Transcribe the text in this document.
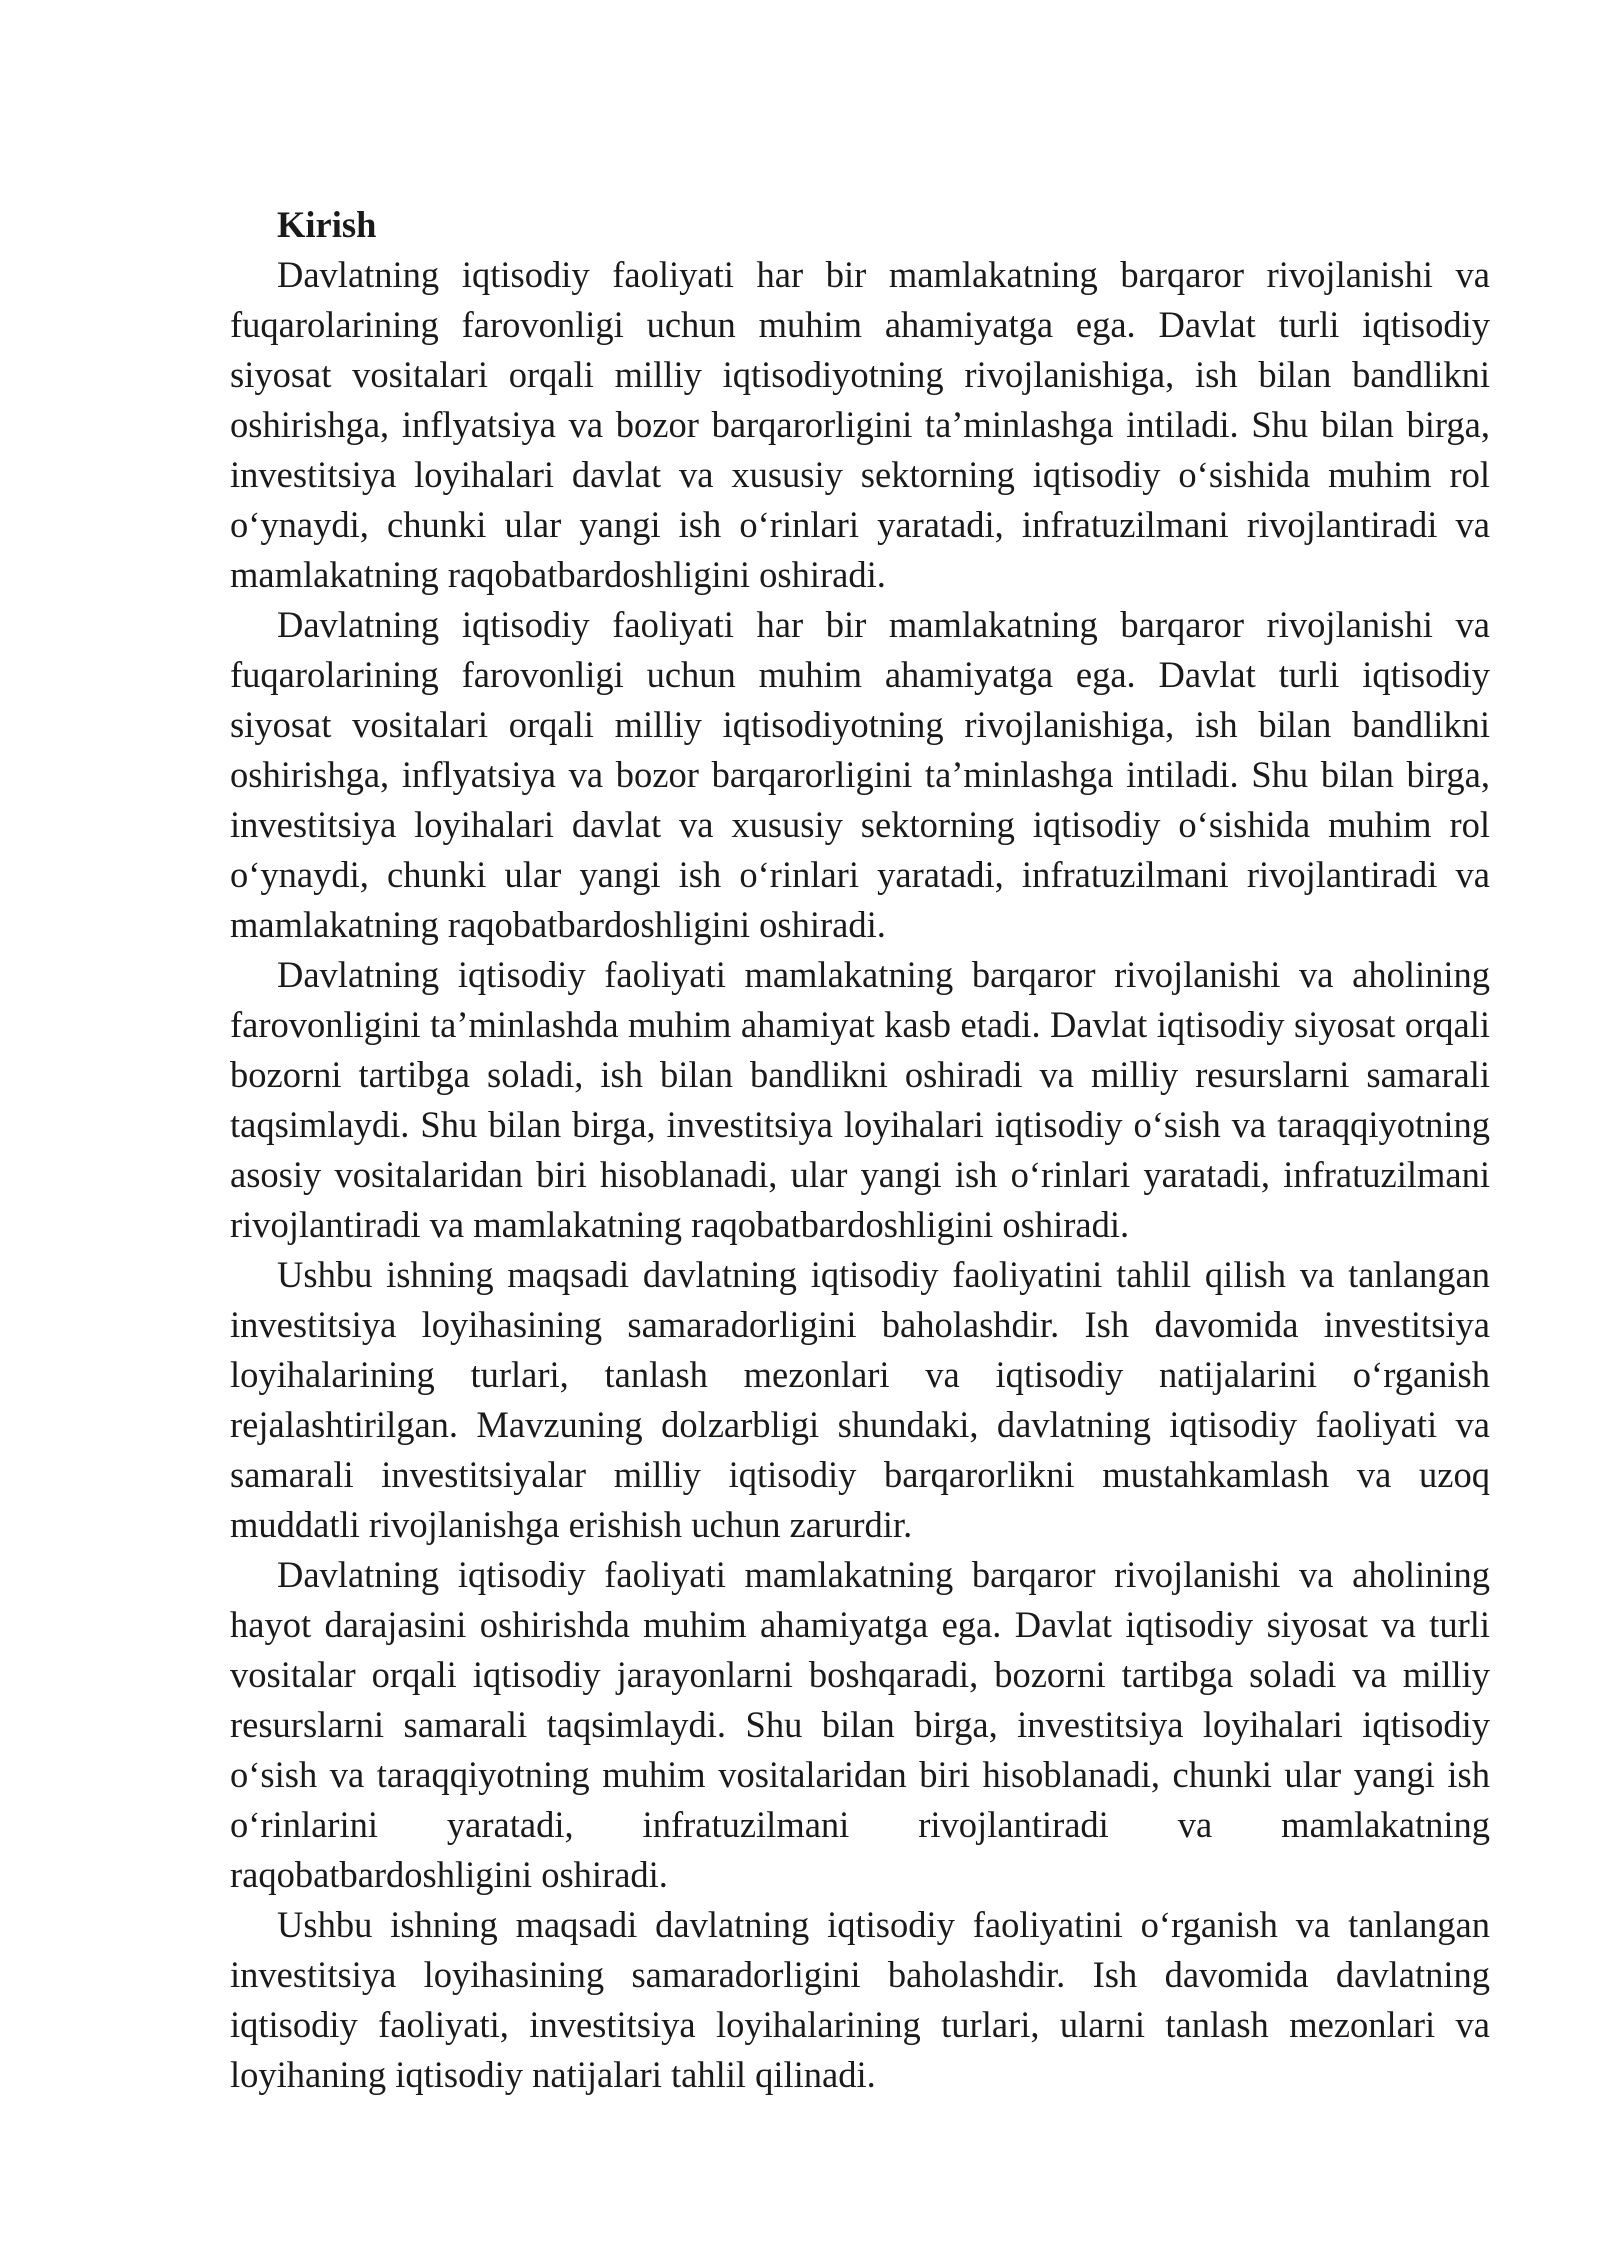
Kirish

Davlatning iqtisodiy faoliyati har bir mamlakatning barqaror rivojlanishi va fuqarolarining farovonligi uchun muhim ahamiyatga ega. Davlat turli iqtisodiy siyosat vositalari orqali milliy iqtisodiyotning rivojlanishiga, ish bilan bandlikni oshirishga, inflyatsiya va bozor barqarorligini ta’minlashga intiladi. Shu bilan birga, investitsiya loyihalari davlat va xususiy sektorning iqtisodiy o‘sishida muhim rol o‘ynaydi, chunki ular yangi ish o‘rinlari yaratadi, infratuzilmani rivojlantiradi va mamlakatning raqobatbardoshligini oshiradi.

Davlatning iqtisodiy faoliyati har bir mamlakatning barqaror rivojlanishi va fuqarolarining farovonligi uchun muhim ahamiyatga ega. Davlat turli iqtisodiy siyosat vositalari orqali milliy iqtisodiyotning rivojlanishiga, ish bilan bandlikni oshirishga, inflyatsiya va bozor barqarorligini ta’minlashga intiladi. Shu bilan birga, investitsiya loyihalari davlat va xususiy sektorning iqtisodiy o‘sishida muhim rol o‘ynaydi, chunki ular yangi ish o‘rinlari yaratadi, infratuzilmani rivojlantiradi va mamlakatning raqobatbardoshligini oshiradi.

Davlatning iqtisodiy faoliyati mamlakatning barqaror rivojlanishi va aholining farovonligini ta’minlashda muhim ahamiyat kasb etadi. Davlat iqtisodiy siyosat orqali bozorni tartibga soladi, ish bilan bandlikni oshiradi va milliy resurslarni samarali taqsimlaydi. Shu bilan birga, investitsiya loyihalari iqtisodiy o‘sish va taraqqiyotning asosiy vositalaridan biri hisoblanadi, ular yangi ish o‘rinlari yaratadi, infratuzilmani rivojlantiradi va mamlakatning raqobatbardoshligini oshiradi.

Ushbu ishning maqsadi davlatning iqtisodiy faoliyatini tahlil qilish va tanlangan investitsiya loyihasining samaradorligini baholashdir. Ish davomida investitsiya loyihalarining turlari, tanlash mezonlari va iqtisodiy natijalarini o‘rganish rejalashtirilgan. Mavzuning dolzarbligi shundaki, davlatning iqtisodiy faoliyati va samarali investitsiyalar milliy iqtisodiy barqarorlikni mustahkamlash va uzoq muddatli rivojlanishga erishish uchun zarurdir.

Davlatning iqtisodiy faoliyati mamlakatning barqaror rivojlanishi va aholining hayot darajasini oshirishda muhim ahamiyatga ega. Davlat iqtisodiy siyosat va turli vositalar orqali iqtisodiy jarayonlarni boshqaradi, bozorni tartibga soladi va milliy resurslarni samarali taqsimlaydi. Shu bilan birga, investitsiya loyihalari iqtisodiy o‘sish va taraqqiyotning muhim vositalaridan biri hisoblanadi, chunki ular yangi ish o‘rinlarini yaratadi, infratuzilmani rivojlantiradi va mamlakatning raqobatbardoshligini oshiradi.

Ushbu ishning maqsadi davlatning iqtisodiy faoliyatini o‘rganish va tanlangan investitsiya loyihasining samaradorligini baholashdir. Ish davomida davlatning iqtisodiy faoliyati, investitsiya loyihalarining turlari, ularni tanlash mezonlari va loyihaning iqtisodiy natijalari tahlil qilinadi.
